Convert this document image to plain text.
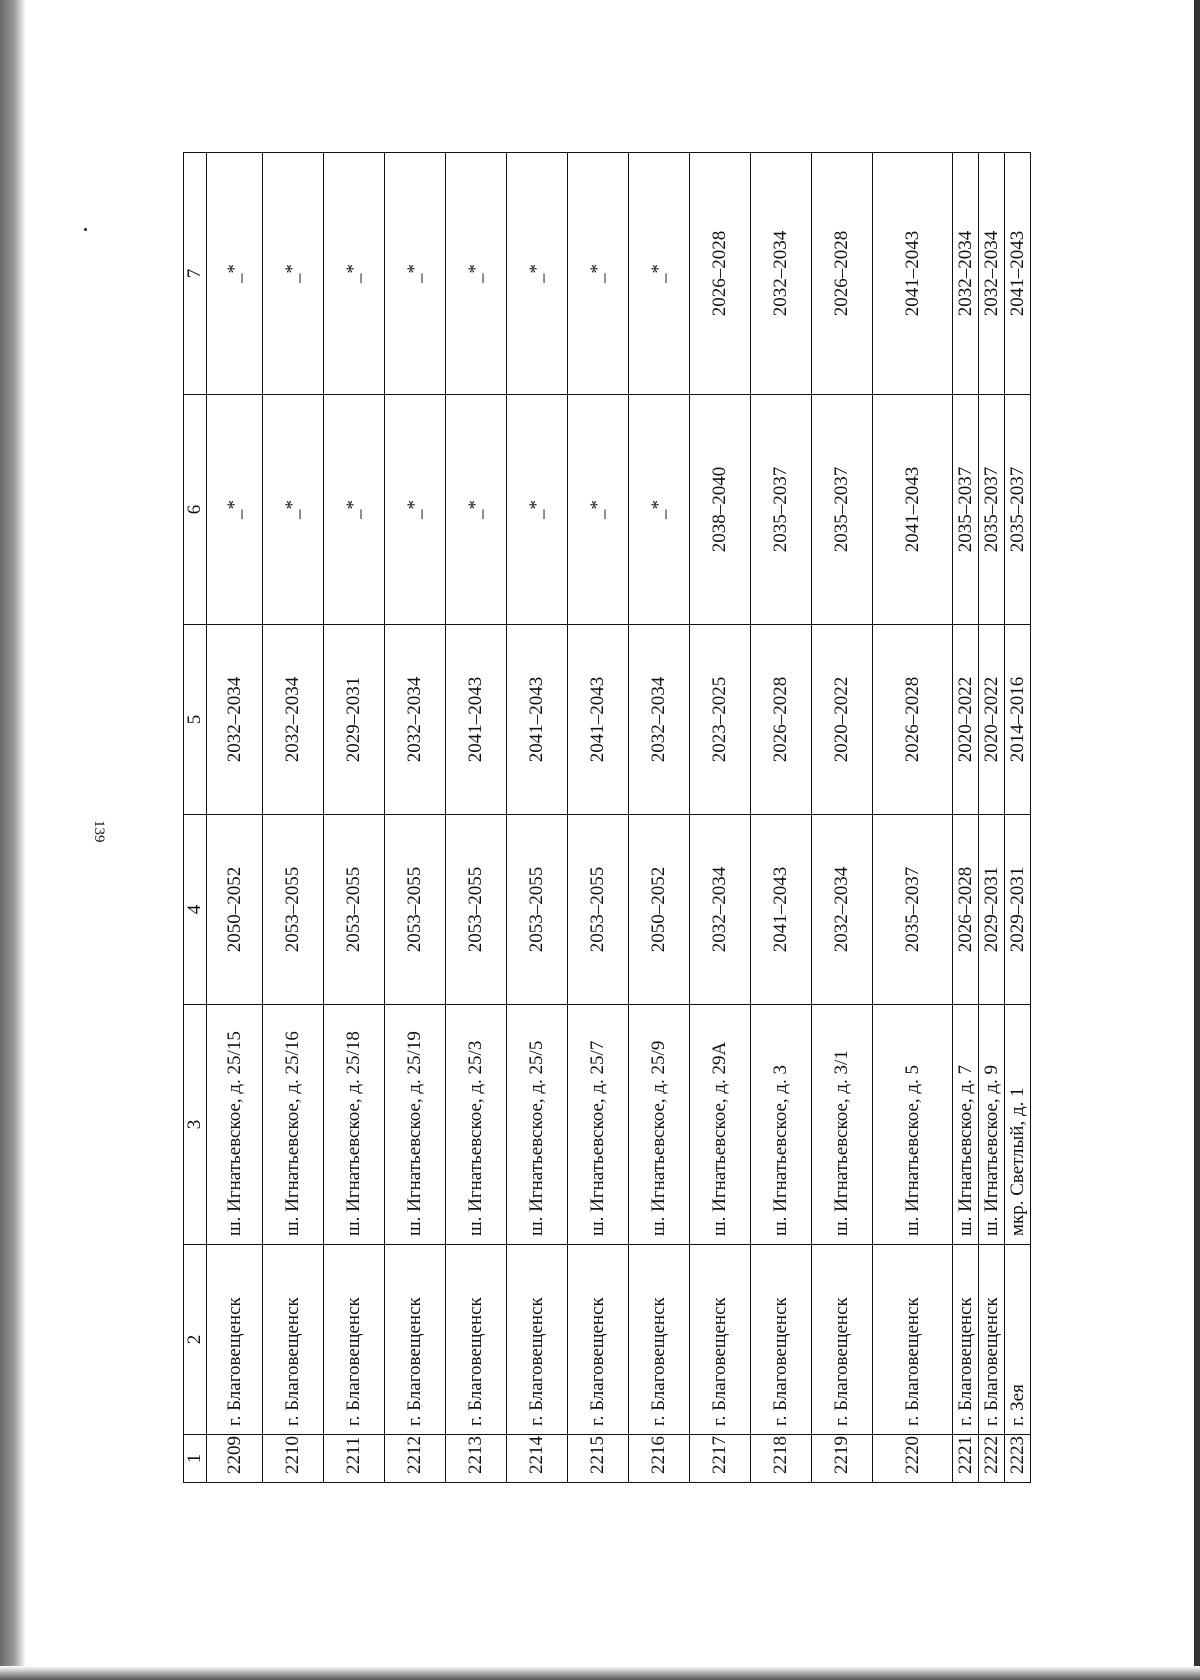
139
1	2	3	4	5	6	7
2209	г. Благовещенск	ш. Игнатьевское, д. 25/15	2050–2052	2032–2034	_*	_*
2210	г. Благовещенск	ш. Игнатьевское, д. 25/16	2053–2055	2032–2034	_*	_*
2211	г. Благовещенск	ш. Игнатьевское, д. 25/18	2053–2055	2029–2031	_*	_*
2212	г. Благовещенск	ш. Игнатьевское, д. 25/19	2053–2055	2032–2034	_*	_*
2213	г. Благовещенск	ш. Игнатьевское, д. 25/3	2053–2055	2041–2043	_*	_*
2214	г. Благовещенск	ш. Игнатьевское, д. 25/5	2053–2055	2041–2043	_*	_*
2215	г. Благовещенск	ш. Игнатьевское, д. 25/7	2053–2055	2041–2043	_*	_*
2216	г. Благовещенск	ш. Игнатьевское, д. 25/9	2050–2052	2032–2034	_*	_*
2217	г. Благовещенск	ш. Игнатьевское, д. 29А	2032–2034	2023–2025	2038–2040	2026–2028
2218	г. Благовещенск	ш. Игнатьевское, д. 3	2041–2043	2026–2028	2035–2037	2032–2034
2219	г. Благовещенск	ш. Игнатьевское, д. 3/1	2032–2034	2020–2022	2035–2037	2026–2028
2220	г. Благовещенск	ш. Игнатьевское, д. 5	2035–2037	2026–2028	2041–2043	2041–2043
2221	г. Благовещенск	ш. Игнатьевское, д. 7	2026–2028	2020–2022	2035–2037	2032–2034
2222	г. Благовещенск	ш. Игнатьевское, д. 9	2029–2031	2020–2022	2035–2037	2032–2034
2223	г. Зея	мкр. Светлый, д. 1	2029–2031	2014–2016	2035–2037	2041–2043
